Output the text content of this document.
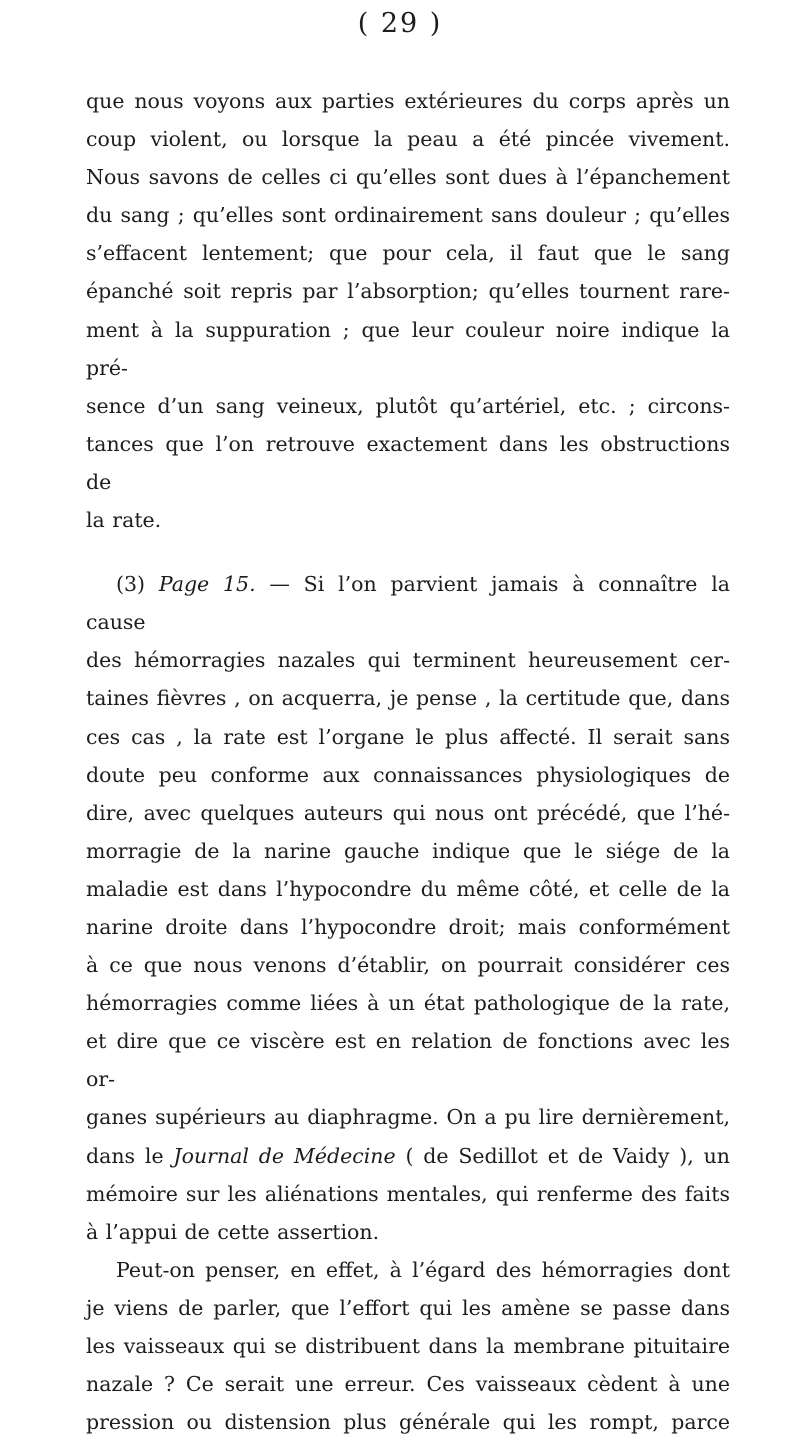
( 29 )

que nous voyons aux parties extérieures du corps après un

coup violent, ou lorsque la peau a été pincée vivement.

Nous savons de celles ci qu’elles sont dues à l’épanchement

du sang ; qu’elles sont ordinairement sans douleur ; qu’elles

s’effacent lentement; que pour cela, il faut que le sang

épanché soit repris par l’absorption; qu’elles tournent rare-

ment à la suppuration ; que leur couleur noire indique la pré-

sence d’un sang veineux, plutôt qu’artériel, etc. ; circons-

tances que l’on retrouve exactement dans les obstructions de

la rate.

(3) Page 15. — Si l’on parvient jamais à connaître la cause

des hémorragies nazales qui terminent heureusement cer-

taines fièvres , on acquerra, je pense , la certitude que, dans

ces cas , la rate est l’organe le plus affecté. Il serait sans

doute peu conforme aux connaissances physiologiques de

dire, avec quelques auteurs qui nous ont précédé, que l’hé-

morragie de la narine gauche indique que le siége de la

maladie est dans l’hypocondre du même côté, et celle de la

narine droite dans l’hypocondre droit; mais conformément

à ce que nous venons d’établir, on pourrait considérer ces

hémorragies comme liées à un état pathologique de la rate,

et dire que ce viscère est en relation de fonctions avec les or-

ganes supérieurs au diaphragme. On a pu lire dernièrement,

dans le Journal de Médecine ( de Sedillot et de Vaidy ), un

mémoire sur les aliénations mentales, qui renferme des faits

à l’appui de cette assertion.

Peut-on penser, en effet, à l’égard des hémorragies dont

je viens de parler, que l’effort qui les amène se passe dans

les vaisseaux qui se distribuent dans la membrane pituitaire

nazale ? Ce serait une erreur. Ces vaisseaux cèdent à une

pression ou distension plus générale qui les rompt, parce
